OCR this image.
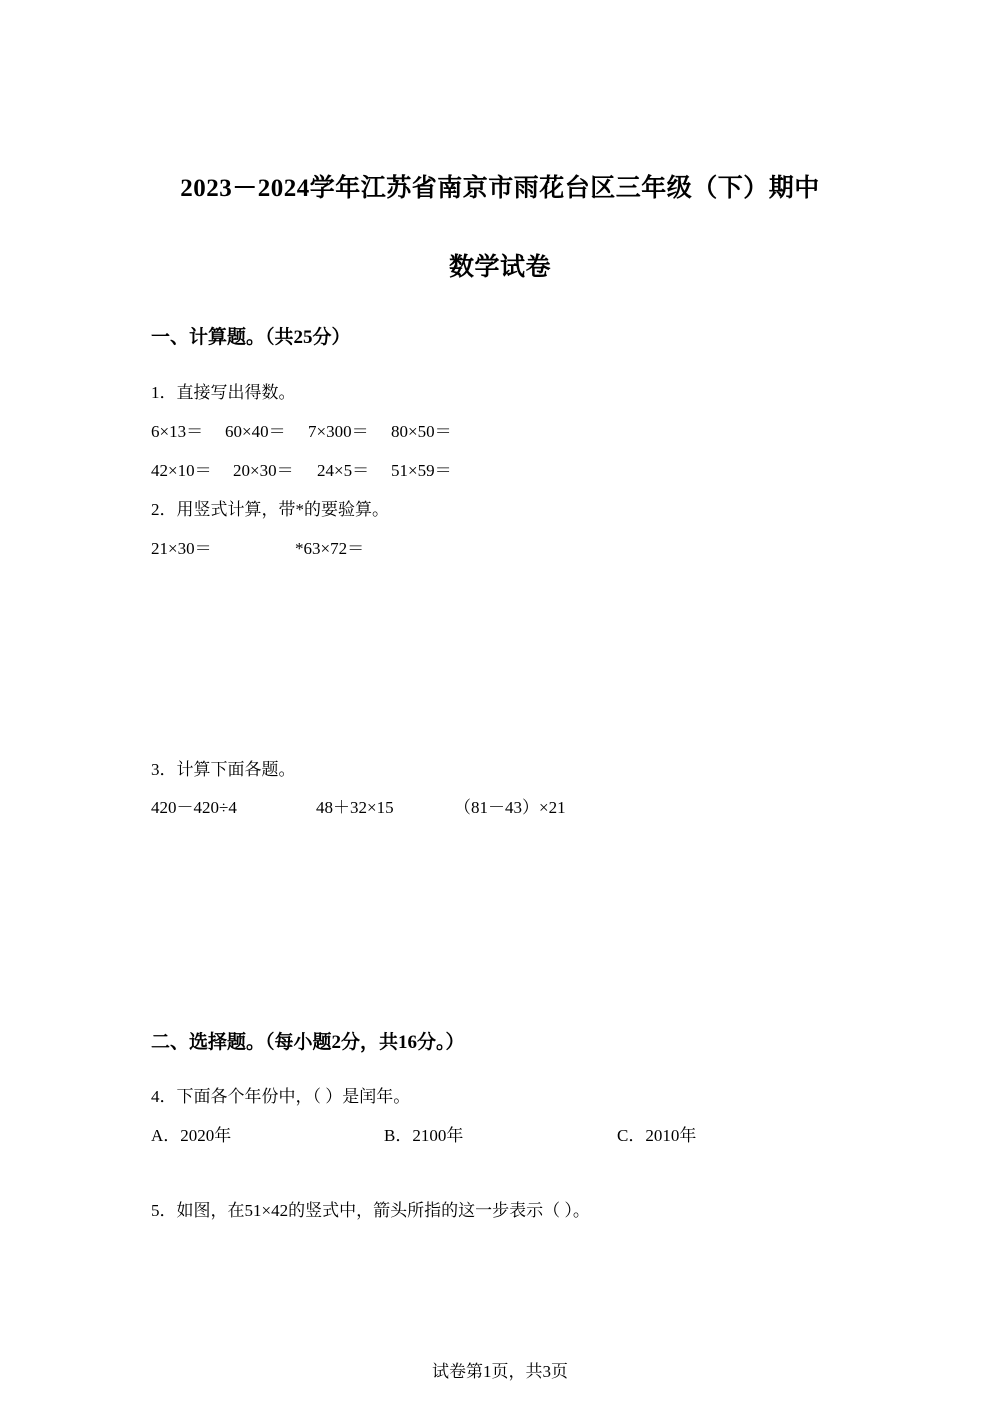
2023－2024学年江苏省南京市雨花台区三年级（下）期中
数学试卷
一、计算题。（共25分）
1．直接写出得数。
6×13＝ 60×40＝ 7×300＝ 80×50＝
42×10＝ 20×30＝ 24×5＝ 51×59＝
2．用竖式计算，带*的要验算。
21×30＝	*63×72＝
3．计算下面各题。
420－420÷4	48＋32×15	（81－43）×21
二、选择题。（每小题2分，共16分。）
4．下面各个年份中，（ ）是闰年。
A．2020年	B．2100年	C．2010年
5．如图，在51×42的竖式中，箭头所指的这一步表示（ ）。
试卷第1页，共3页
